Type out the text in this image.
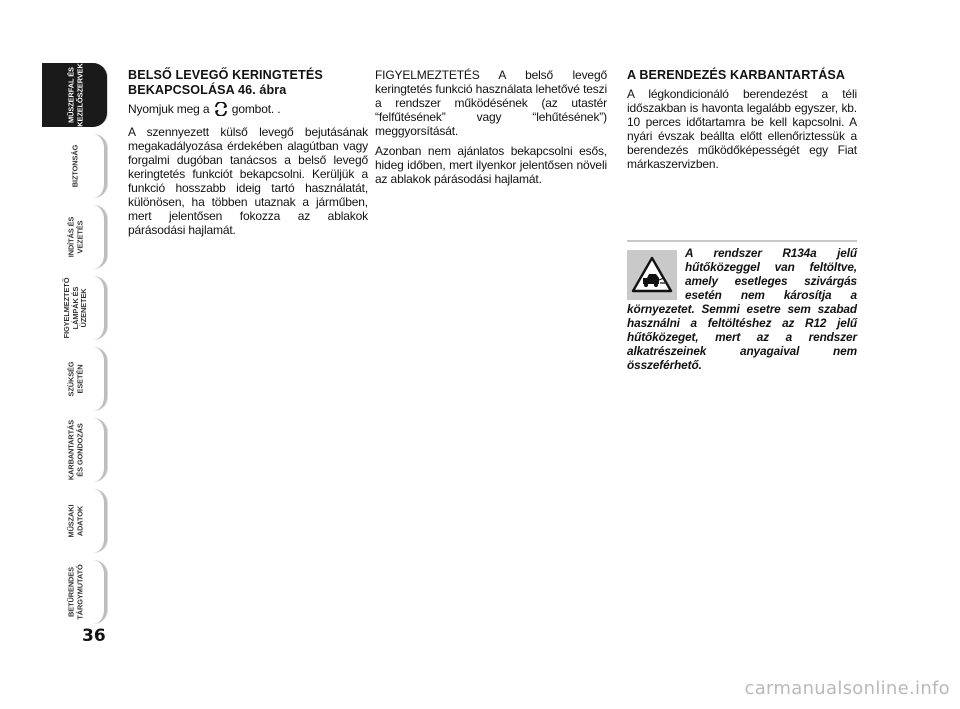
MŰSZERFAL ÉS
KEZELŐSZERVEK
BIZTONSÁG
INDÍTÁS ÉS
VEZETÉS
FIGYELMEZTETŐ
LÁMPÁK ÉS
ÜZENETEK
SZÜKSÉG
ESETÉN
KARBANTARTÁS
ÉS GONDOZÁS
MŰSZAKI
ADATOK
BETŰRENDES
TÁRGYMUTATÓ
36
BELSŐ LEVEGŐ KERINGTETÉS BEKAPCSOLÁSA 46. ábra

Nyomjuk meg a  gombot. .

A szennyezett külső levegő bejutásának megakadályozása érdekében alagútban vagy forgalmi dugóban tanácsos a belső levegő keringtetés funkciót bekapcsolni. Kerüljük a funkció hosszabb ideig tartó használatát, különösen, ha többen utaznak a járműben, mert jelentősen fokozza az ablakok párásodási hajlamát.

FIGYELMEZTETÉS A belső levegő keringtetés funkció használata lehetővé teszi a rendszer működésének (az utastér “felfűtésének” vagy “lehűtésének”) meggyorsítását.

Azonban nem ajánlatos bekapcsolni esős, hideg időben, mert ilyenkor jelentősen növeli az ablakok párásodási hajlamát.

A BERENDEZÉS KARBANTARTÁSA

A légkondicionáló berendezést a téli időszakban is havonta legalább egyszer, kb. 10 perces időtartamra be kell kapcsolni. A nyári évszak beállta előtt ellenőriztessük a berendezés működőképességét egy Fiat márkaszervizben.

A rendszer R134a jelű hűtőközeggel van feltöltve, amely esetleges szivárgás esetén nem károsítja a környezetet. Semmi esetre sem szabad használni a feltöltéshez az R12 jelű hűtőközeget, mert az a rendszer alkatrészeinek anyagaival nem összeférhető.
carmanualsonline.info
